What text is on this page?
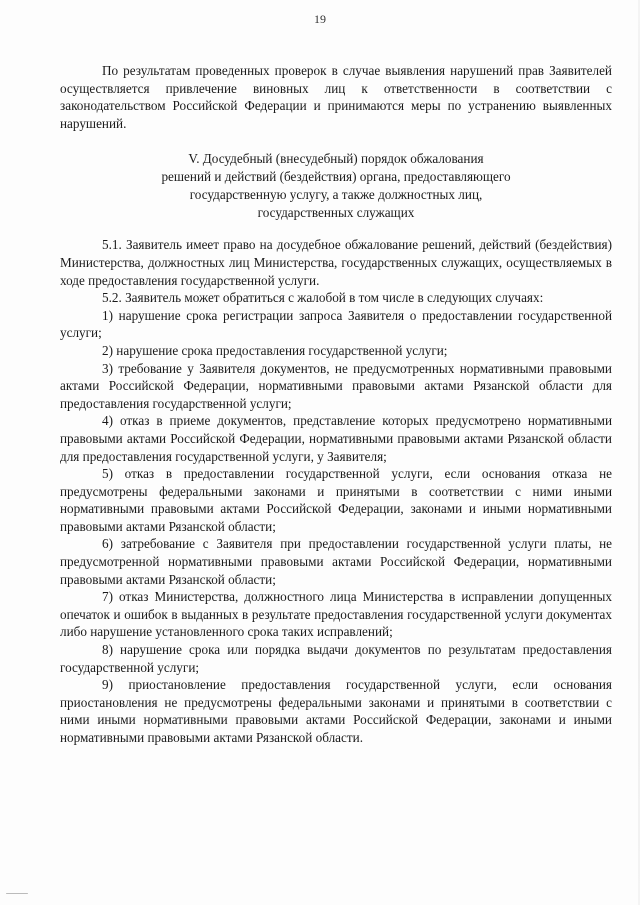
19

По результатам проведенных проверок в случае выявления нарушений прав Заявителей осуществляется привлечение виновных лиц к ответственности в соответствии с законодательством Российской Федерации и принимаются меры по устранению выявленных нарушений.

V. Досудебный (внесудебный) порядок обжалования
решений и действий (бездействия) органа, предоставляющего
государственную услугу, а также должностных лиц,
государственных служащих

5.1. Заявитель имеет право на досудебное обжалование решений, действий (бездействия) Министерства, должностных лиц Министерства, государственных служащих, осуществляемых в ходе предоставления государственной услуги.

5.2. Заявитель может обратиться с жалобой в том числе в следующих случаях:

1) нарушение срока регистрации запроса Заявителя о предоставлении государственной услуги;

2) нарушение срока предоставления государственной услуги;

3) требование у Заявителя документов, не предусмотренных нормативными правовыми актами Российской Федерации, нормативными правовыми актами Рязанской области для предоставления государственной услуги;

4) отказ в приеме документов, представление которых предусмотрено нормативными правовыми актами Российской Федерации, нормативными правовыми актами Рязанской области для предоставления государственной услуги, у Заявителя;

5) отказ в предоставлении государственной услуги, если основания отказа не предусмотрены федеральными законами и принятыми в соответствии с ними иными нормативными правовыми актами Российской Федерации, законами и иными нормативными правовыми актами Рязанской области;

6) затребование с Заявителя при предоставлении государственной услуги платы, не предусмотренной нормативными правовыми актами Российской Федерации, нормативными правовыми актами Рязанской области;

7) отказ Министерства, должностного лица Министерства в исправлении допущенных опечаток и ошибок в выданных в результате предоставления государственной услуги документах либо нарушение установленного срока таких исправлений;

8) нарушение срока или порядка выдачи документов по результатам предоставления государственной услуги;

9) приостановление предоставления государственной услуги, если основания приостановления не предусмотрены федеральными законами и принятыми в соответствии с ними иными нормативными правовыми актами Российской Федерации, законами и иными нормативными правовыми актами Рязанской области.
